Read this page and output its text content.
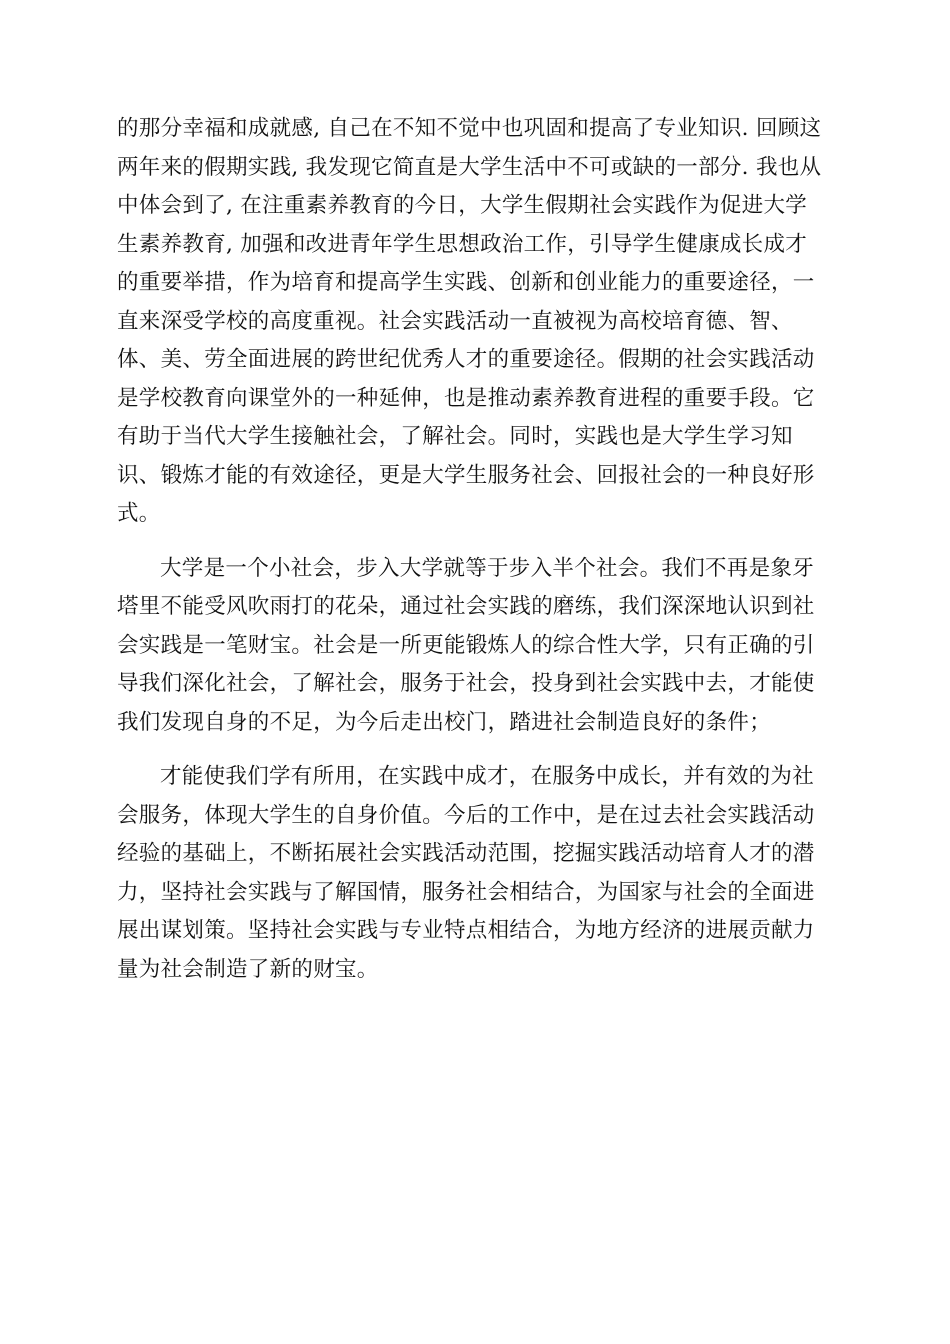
的那分幸福和成就感, 自己在不知不觉中也巩固和提高了专业知识. 回顾这
两年来的假期实践, 我发现它简直是大学生活中不可或缺的一部分. 我也从
中体会到了, 在注重素养教育的今日，大学生假期社会实践作为促进大学
生素养教育, 加强和改进青年学生思想政治工作，引导学生健康成长成才
的重要举措，作为培育和提高学生实践、创新和创业能力的重要途径，一
直来深受学校的高度重视。社会实践活动一直被视为高校培育德、智、
体、美、劳全面进展的跨世纪优秀人才的重要途径。假期的社会实践活动
是学校教育向课堂外的一种延伸，也是推动素养教育进程的重要手段。它
有助于当代大学生接触社会，了解社会。同时，实践也是大学生学习知
识、锻炼才能的有效途径，更是大学生服务社会、回报社会的一种良好形
式。

大学是一个小社会，步入大学就等于步入半个社会。我们不再是象牙
塔里不能受风吹雨打的花朵，通过社会实践的磨练，我们深深地认识到社
会实践是一笔财宝。社会是一所更能锻炼人的综合性大学，只有正确的引
导我们深化社会，了解社会，服务于社会，投身到社会实践中去，才能使
我们发现自身的不足，为今后走出校门，踏进社会制造良好的条件；

才能使我们学有所用，在实践中成才，在服务中成长，并有效的为社
会服务，体现大学生的自身价值。今后的工作中，是在过去社会实践活动
经验的基础上，不断拓展社会实践活动范围，挖掘实践活动培育人才的潜
力，坚持社会实践与了解国情，服务社会相结合，为国家与社会的全面进
展出谋划策。坚持社会实践与专业特点相结合，为地方经济的进展贡献力
量为社会制造了新的财宝。
